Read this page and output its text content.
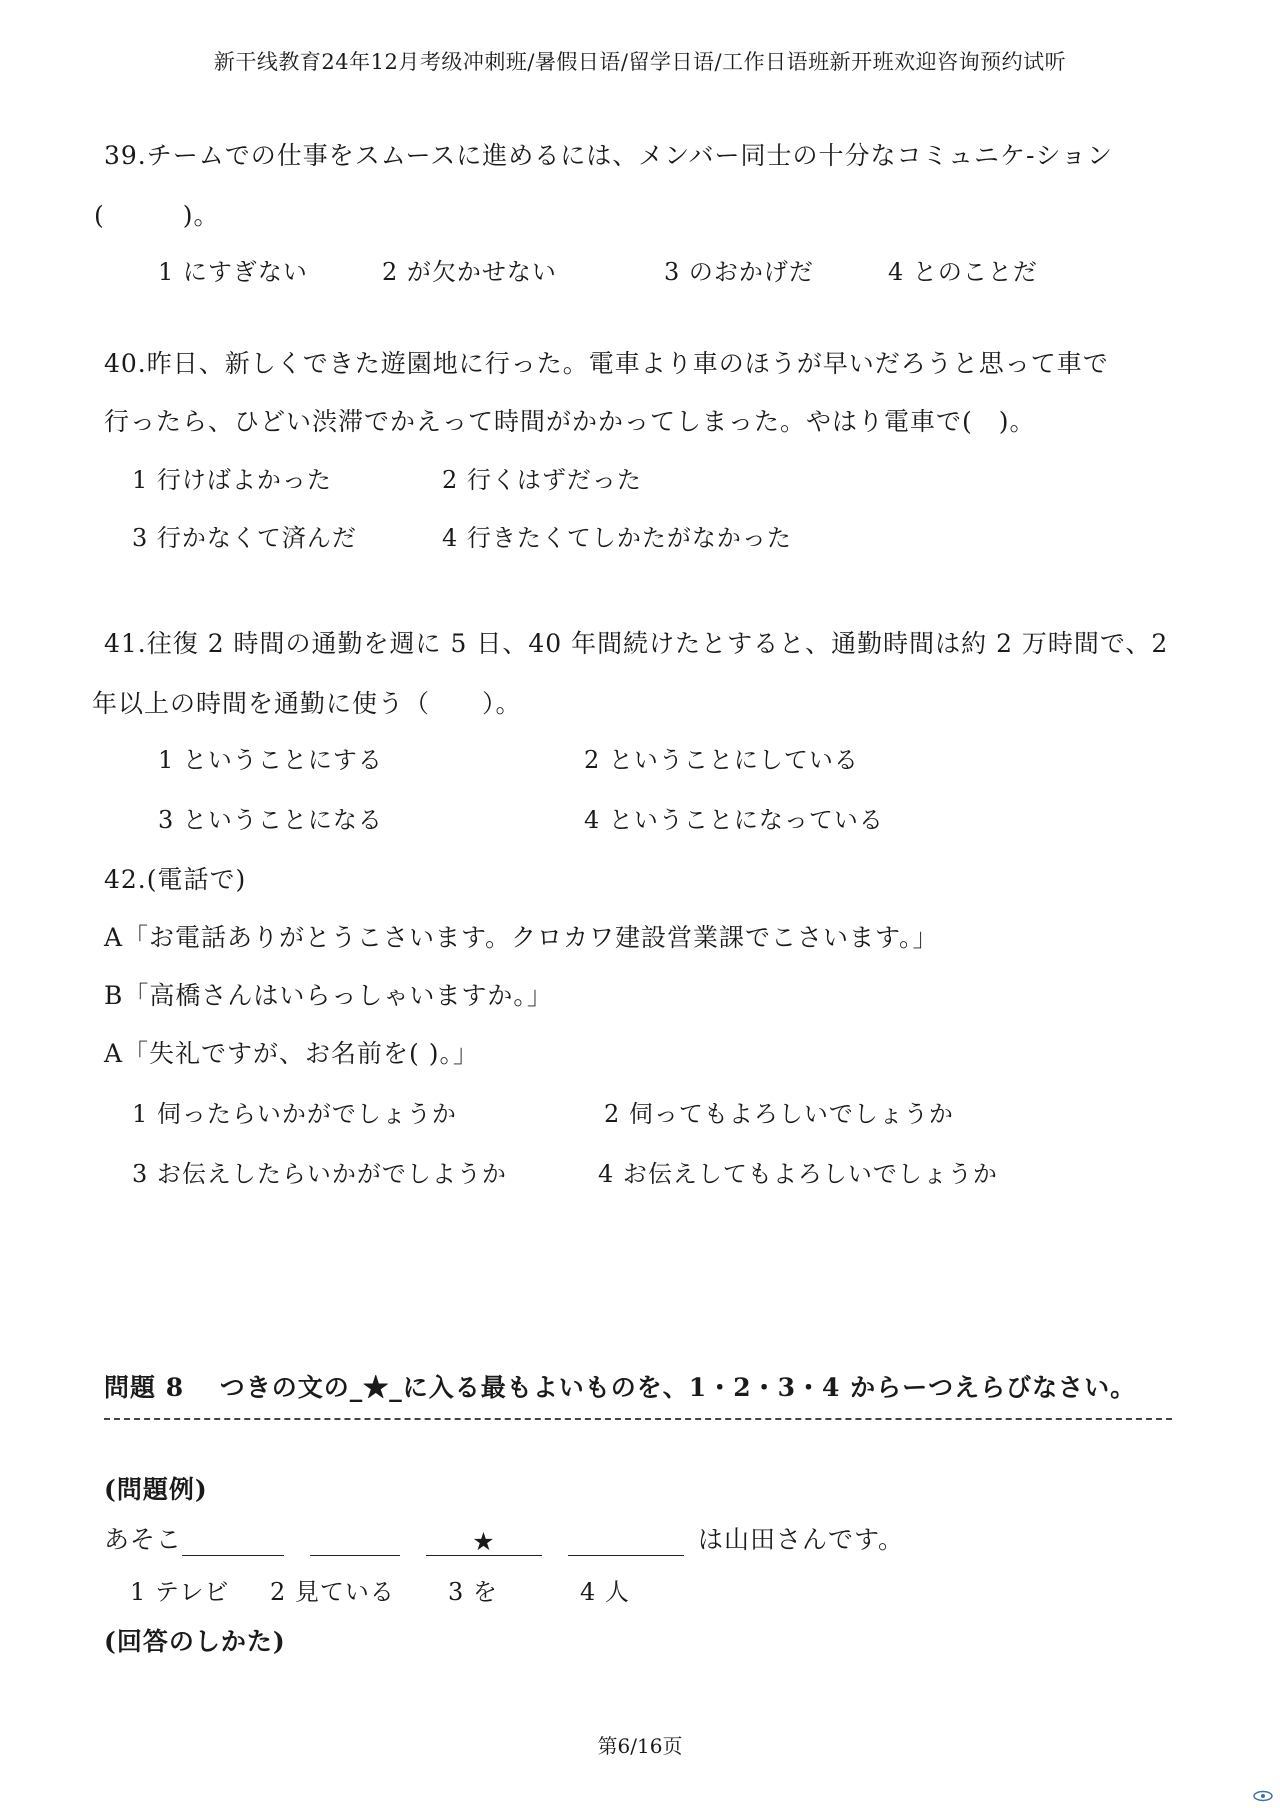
新干线教育24年12月考级冲刺班/暑假日语/留学日语/工作日语班新开班欢迎咨询预约试听
39.チームでの仕事をスムースに進めるには、メンバー同士の十分なコミュニケ-ション
(　　　)。
1 にすぎない	2 が欠かせない	3 のおかげだ	4 とのことだ
40.昨日、新しくできた遊園地に行った。電車より車のほうが早いだろうと思って車で
行ったら、ひどい渋滞でかえって時間がかかってしまった。やはり電車で(　)。
1 行けばよかった	2 行くはずだった
3 行かなくて済んだ	4 行きたくてしかたがなかった
41.往復 2 時間の通勤を週に 5 日、40 年間続けたとすると、通勤時間は約 2 万時間で、2
年以上の時間を通勤に使う（　　）。
1 ということにする	2 ということにしている
3 ということになる	4 ということになっている
42.(電話で)
A「お電話ありがとうこさいます。クロカワ建設営業課でこさいます。」
B「高橋さんはいらっしゃいますか。」
A「失礼ですが、お名前を( )。」
1 伺ったらいかがでしょうか	2 伺ってもよろしいでしょうか
3 お伝えしたらいかがでしようか	4 お伝えしてもよろしいでしょうか
問題 8　 つきの文の_★_に入る最もよいものを、1・2・3・4 からーつえらびなさい。
(問題例)
あそこ	★	は山田さんです。
1 テレビ 2 見ている 3 を	4 人
(回答のしかた)
第6/16页
